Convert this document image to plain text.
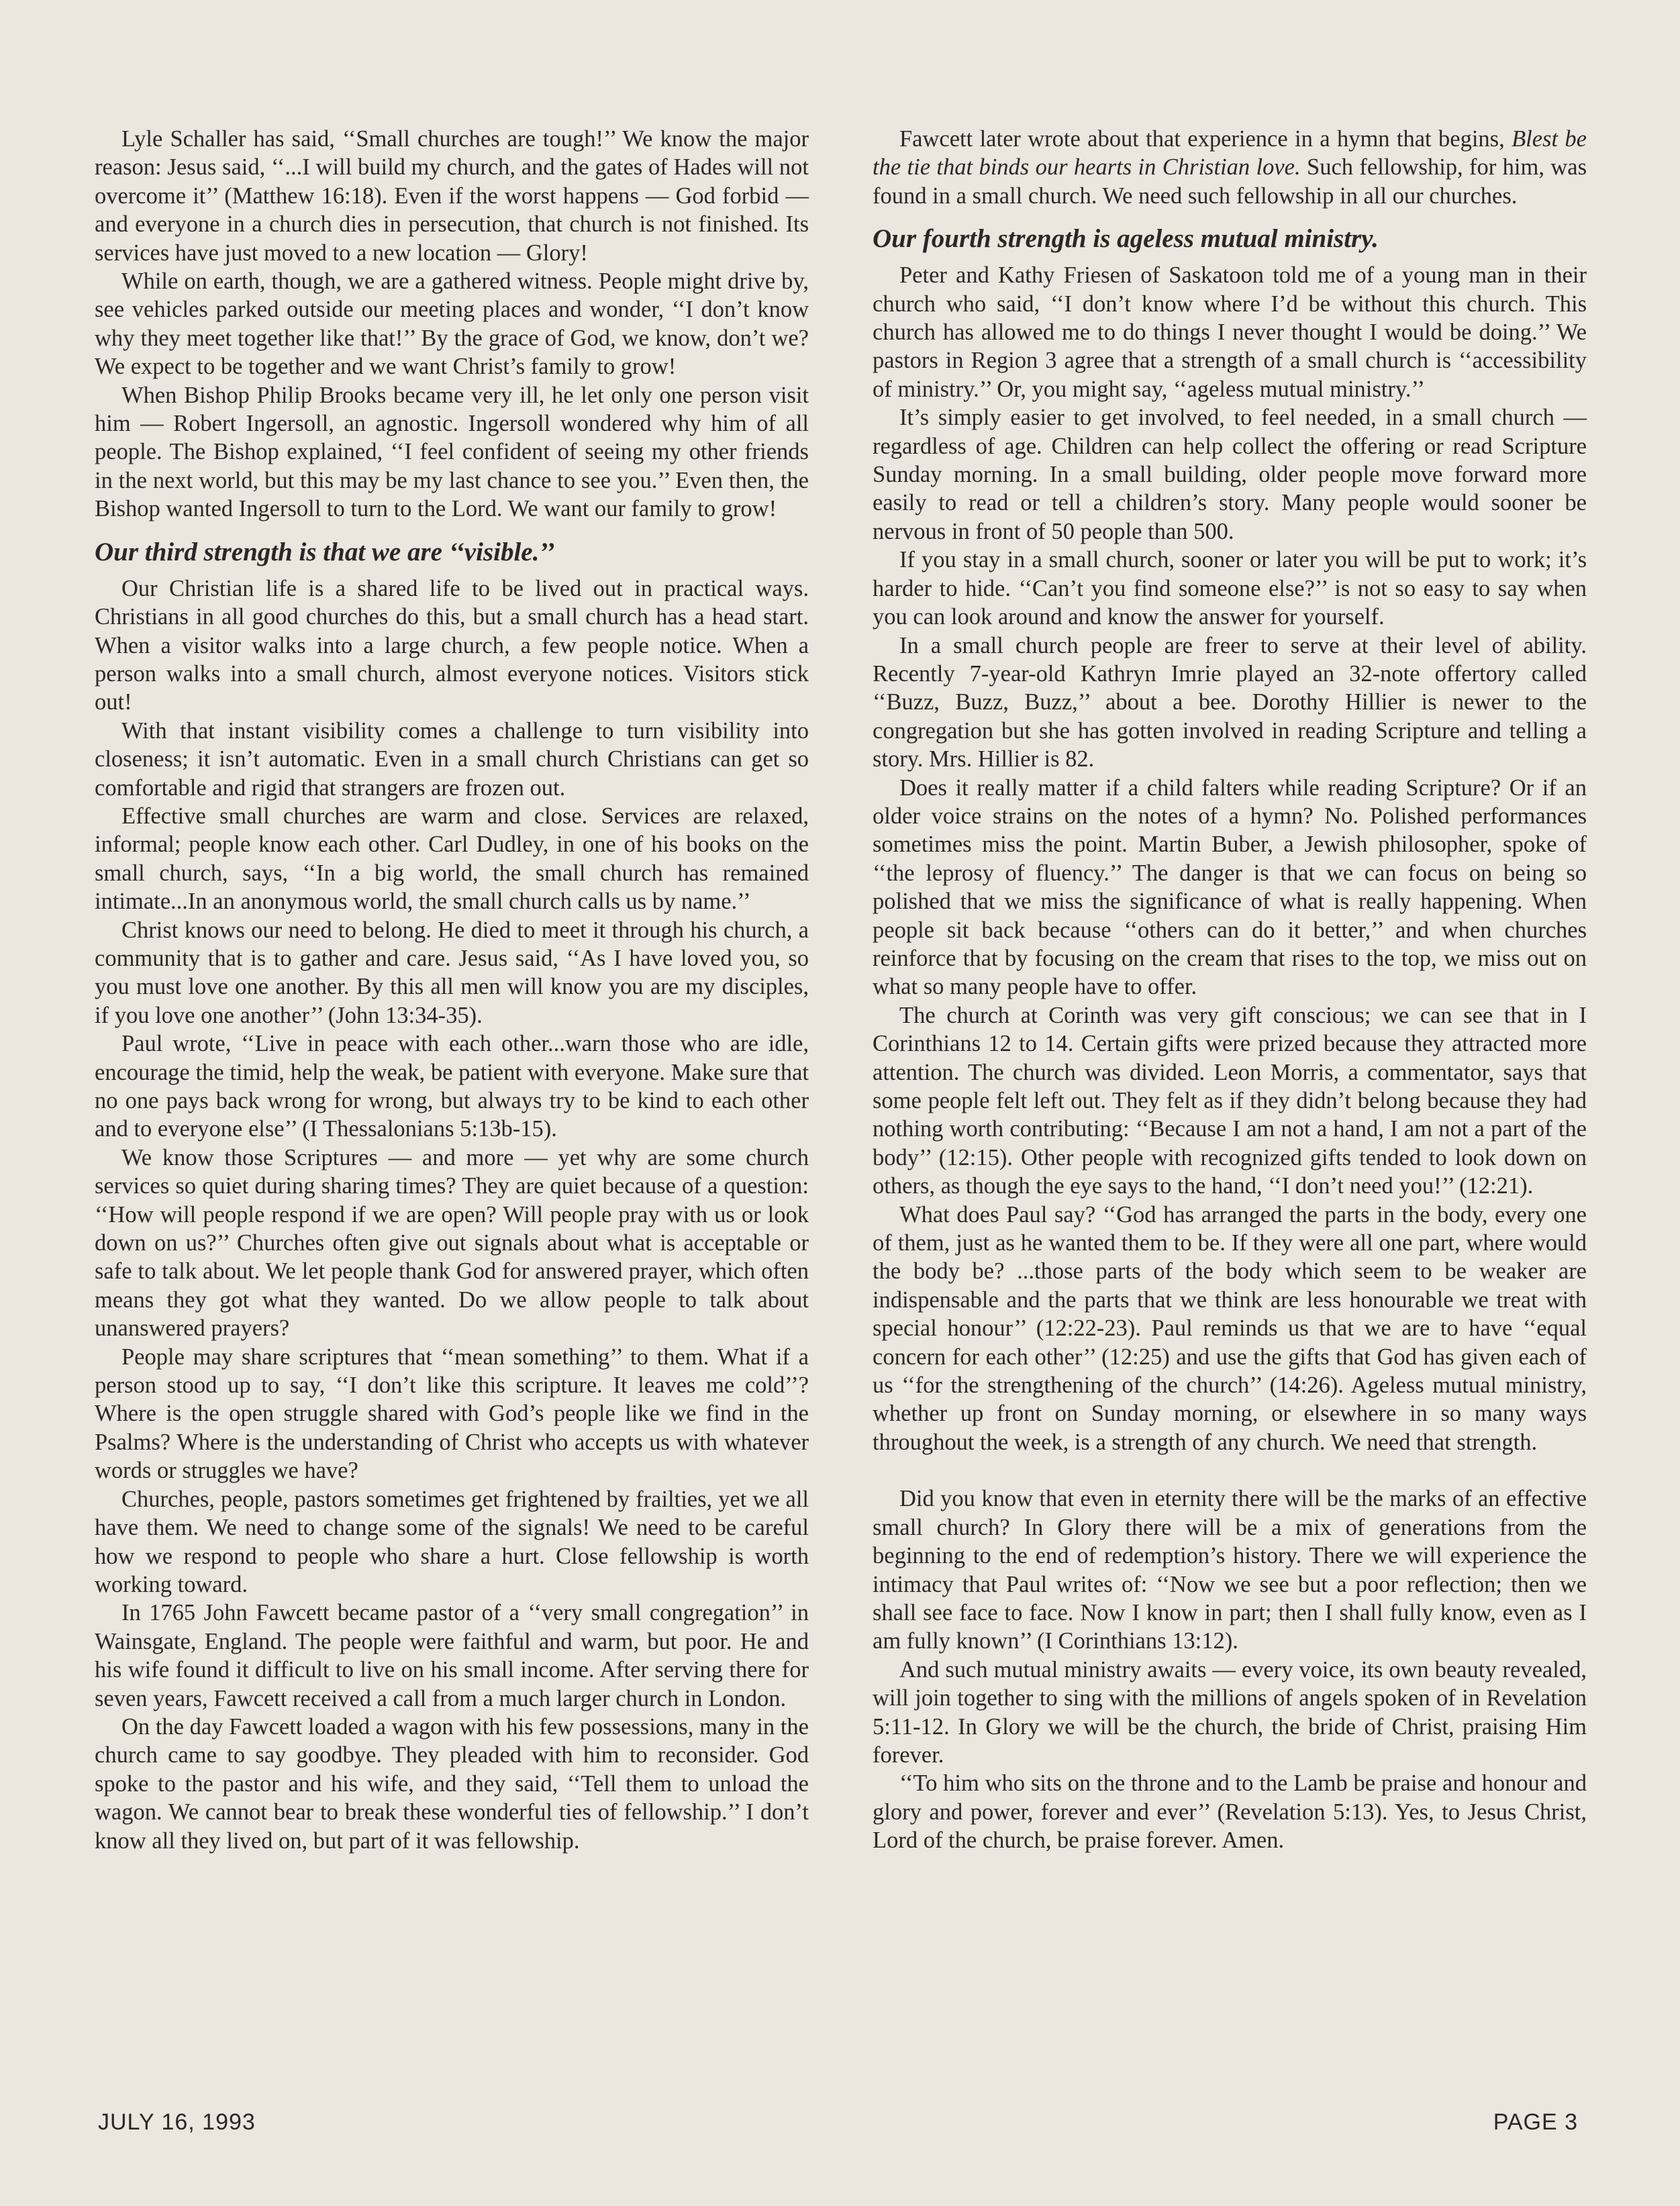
Lyle Schaller has said, ‘‘Small churches are tough!’’ We know the major reason: Jesus said, ‘‘...I will build my church, and the gates of Hades will not overcome it’’ (Matthew 16:18). Even if the worst happens — God forbid — and everyone in a church dies in persecution, that church is not finished. Its services have just moved to a new location — Glory!

While on earth, though, we are a gathered witness. People might drive by, see vehicles parked outside our meeting places and wonder, ‘‘I don’t know why they meet together like that!’’ By the grace of God, we know, don’t we? We expect to be together and we want Christ’s family to grow!

When Bishop Philip Brooks became very ill, he let only one person visit him — Robert Ingersoll, an agnostic. Ingersoll wondered why him of all people. The Bishop explained, ‘‘I feel confident of seeing my other friends in the next world, but this may be my last chance to see you.’’ Even then, the Bishop wanted Ingersoll to turn to the Lord. We want our family to grow!

Our third strength is that we are ‘‘visible.’’

Our Christian life is a shared life to be lived out in practical ways. Christians in all good churches do this, but a small church has a head start. When a visitor walks into a large church, a few people notice. When a person walks into a small church, almost everyone notices. Visitors stick out!

With that instant visibility comes a challenge to turn visibility into closeness; it isn’t automatic. Even in a small church Christians can get so comfortable and rigid that strangers are frozen out.

Effective small churches are warm and close. Services are relaxed, informal; people know each other. Carl Dudley, in one of his books on the small church, says, ‘‘In a big world, the small church has remained intimate...In an anonymous world, the small church calls us by name.’’

Christ knows our need to belong. He died to meet it through his church, a community that is to gather and care. Jesus said, ‘‘As I have loved you, so you must love one another. By this all men will know you are my disciples, if you love one another’’ (John 13:34-35).

Paul wrote, ‘‘Live in peace with each other...warn those who are idle, encourage the timid, help the weak, be patient with everyone. Make sure that no one pays back wrong for wrong, but always try to be kind to each other and to everyone else’’ (I Thessalonians 5:13b-15).

We know those Scriptures — and more — yet why are some church services so quiet during sharing times? They are quiet because of a question: ‘‘How will people respond if we are open? Will people pray with us or look down on us?’’ Churches often give out signals about what is acceptable or safe to talk about. We let people thank God for answered prayer, which often means they got what they wanted. Do we allow people to talk about unanswered prayers?

People may share scriptures that ‘‘mean something’’ to them. What if a person stood up to say, ‘‘I don’t like this scripture. It leaves me cold’’? Where is the open struggle shared with God’s people like we find in the Psalms? Where is the understanding of Christ who accepts us with whatever words or struggles we have?

Churches, people, pastors sometimes get frightened by frailties, yet we all have them. We need to change some of the signals! We need to be careful how we respond to people who share a hurt. Close fellowship is worth working toward.

In 1765 John Fawcett became pastor of a ‘‘very small congregation’’ in Wainsgate, England. The people were faithful and warm, but poor. He and his wife found it difficult to live on his small income. After serving there for seven years, Fawcett received a call from a much larger church in London.

On the day Fawcett loaded a wagon with his few possessions, many in the church came to say goodbye. They pleaded with him to reconsider. God spoke to the pastor and his wife, and they said, ‘‘Tell them to unload the wagon. We cannot bear to break these wonderful ties of fellowship.’’ I don’t know all they lived on, but part of it was fellowship.

Fawcett later wrote about that experience in a hymn that begins, Blest be the tie that binds our hearts in Christian love. Such fellowship, for him, was found in a small church. We need such fellowship in all our churches.

Our fourth strength is ageless mutual ministry.

Peter and Kathy Friesen of Saskatoon told me of a young man in their church who said, ‘‘I don’t know where I’d be without this church. This church has allowed me to do things I never thought I would be doing.’’ We pastors in Region 3 agree that a strength of a small church is ‘‘accessibility of ministry.’’ Or, you might say, ‘‘ageless mutual ministry.’’

It’s simply easier to get involved, to feel needed, in a small church — regardless of age. Children can help collect the offering or read Scripture Sunday morning. In a small building, older people move forward more easily to read or tell a children’s story. Many people would sooner be nervous in front of 50 people than 500.

If you stay in a small church, sooner or later you will be put to work; it’s harder to hide. ‘‘Can’t you find someone else?’’ is not so easy to say when you can look around and know the answer for yourself.

In a small church people are freer to serve at their level of ability. Recently 7-year-old Kathryn Imrie played an 32-note offertory called ‘‘Buzz, Buzz, Buzz,’’ about a bee. Dorothy Hillier is newer to the congregation but she has gotten involved in reading Scripture and telling a story. Mrs. Hillier is 82.

Does it really matter if a child falters while reading Scripture? Or if an older voice strains on the notes of a hymn? No. Polished performances sometimes miss the point. Martin Buber, a Jewish philosopher, spoke of ‘‘the leprosy of fluency.’’ The danger is that we can focus on being so polished that we miss the significance of what is really happening. When people sit back because ‘‘others can do it better,’’ and when churches reinforce that by focusing on the cream that rises to the top, we miss out on what so many people have to offer.

The church at Corinth was very gift conscious; we can see that in I Corinthians 12 to 14. Certain gifts were prized because they attracted more attention. The church was divided. Leon Morris, a commentator, says that some people felt left out. They felt as if they didn’t belong because they had nothing worth contributing: ‘‘Because I am not a hand, I am not a part of the body’’ (12:15). Other people with recognized gifts tended to look down on others, as though the eye says to the hand, ‘‘I don’t need you!’’ (12:21).

What does Paul say? ‘‘God has arranged the parts in the body, every one of them, just as he wanted them to be. If they were all one part, where would the body be? ...those parts of the body which seem to be weaker are indispensable and the parts that we think are less honourable we treat with special honour’’ (12:22-23). Paul reminds us that we are to have ‘‘equal concern for each other’’ (12:25) and use the gifts that God has given each of us ‘‘for the strengthening of the church’’ (14:26). Ageless mutual ministry, whether up front on Sunday morning, or elsewhere in so many ways throughout the week, is a strength of any church. We need that strength.

Did you know that even in eternity there will be the marks of an effective small church? In Glory there will be a mix of generations from the beginning to the end of redemption’s history. There we will experience the intimacy that Paul writes of: ‘‘Now we see but a poor reflection; then we shall see face to face. Now I know in part; then I shall fully know, even as I am fully known’’ (I Corinthians 13:12).

And such mutual ministry awaits — every voice, its own beauty revealed, will join together to sing with the millions of angels spoken of in Revelation 5:11-12. In Glory we will be the church, the bride of Christ, praising Him forever.

‘‘To him who sits on the throne and to the Lamb be praise and honour and glory and power, forever and ever’’ (Revelation 5:13). Yes, to Jesus Christ, Lord of the church, be praise forever. Amen.

JULY 16, 1993	PAGE 3
